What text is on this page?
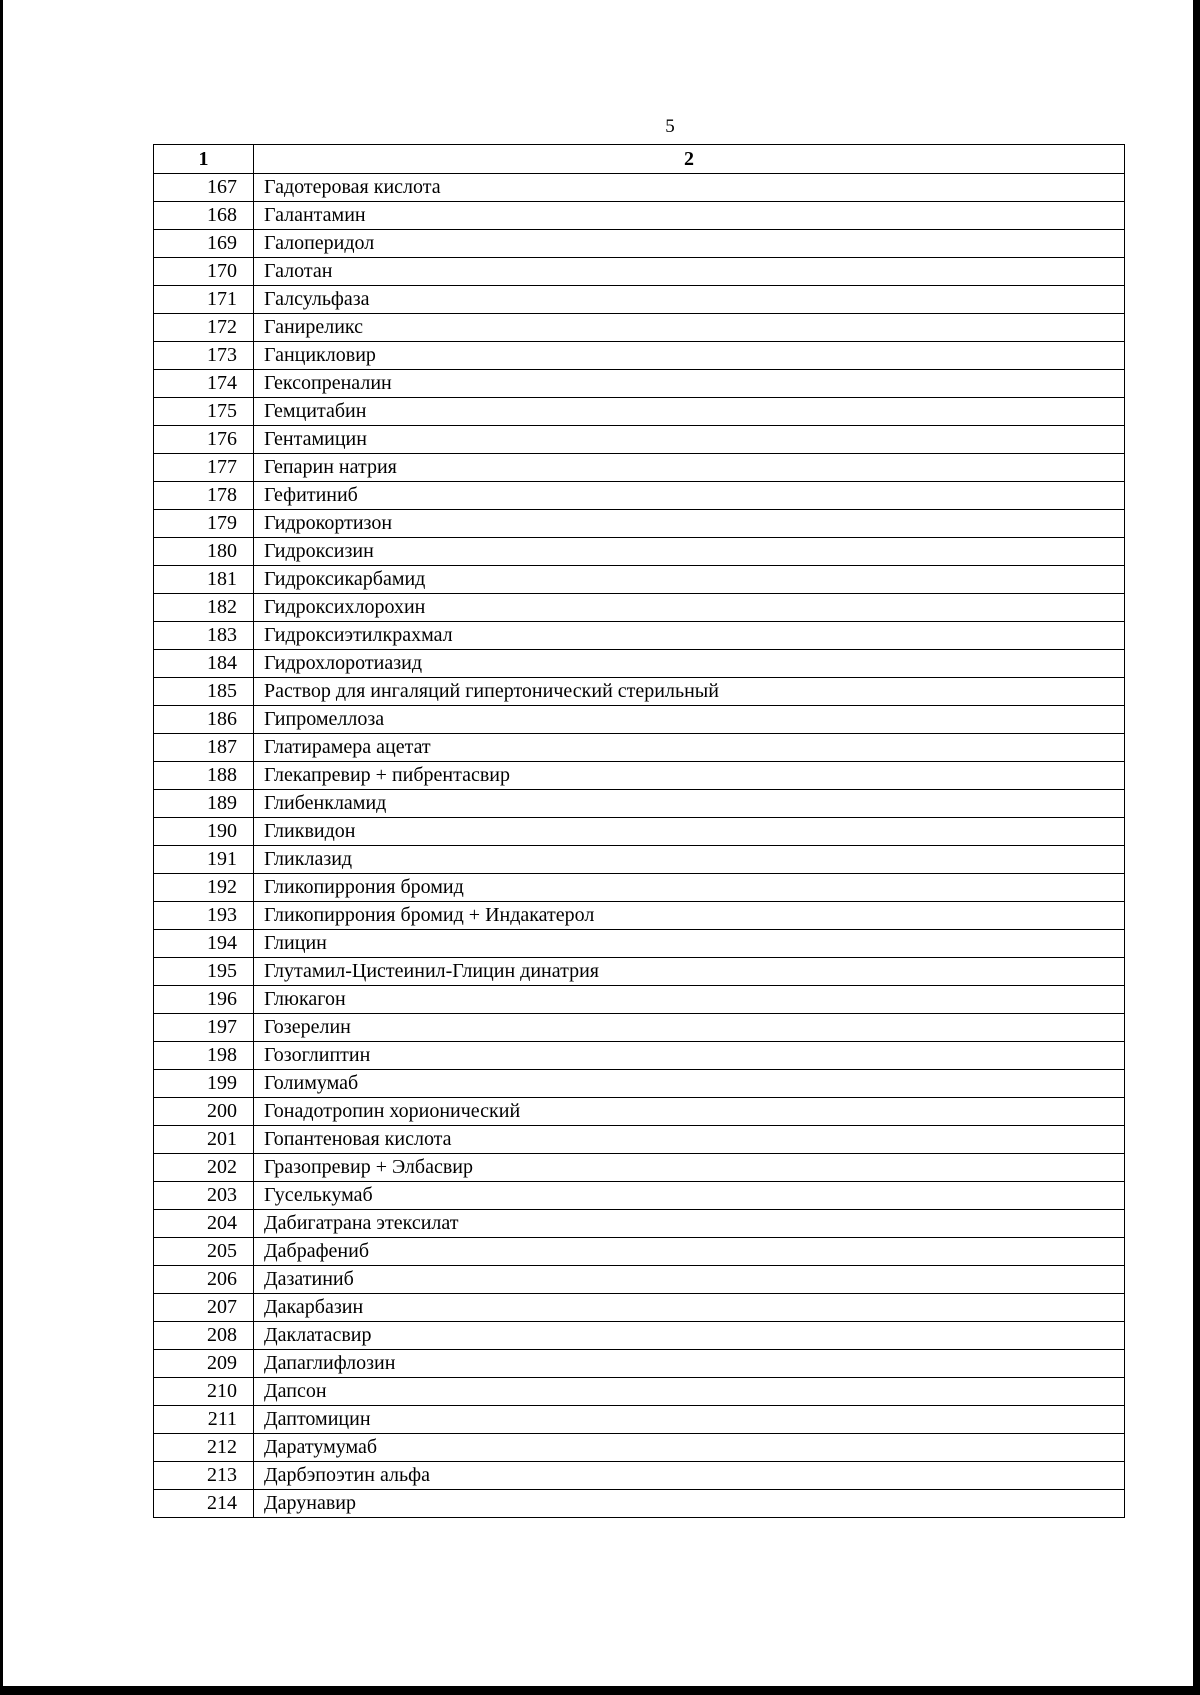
5
1	2
167	Гадотеровая кислота
168	Галантамин
169	Галоперидол
170	Галотан
171	Галсульфаза
172	Ганиреликс
173	Ганцикловир
174	Гексопреналин
175	Гемцитабин
176	Гентамицин
177	Гепарин натрия
178	Гефитиниб
179	Гидрокортизон
180	Гидроксизин
181	Гидроксикарбамид
182	Гидроксихлорохин
183	Гидроксиэтилкрахмал
184	Гидрохлоротиазид
185	Раствор для ингаляций гипертонический стерильный
186	Гипромеллоза
187	Глатирамера ацетат
188	Глекапревир + пибрентасвир
189	Глибенкламид
190	Гликвидон
191	Гликлазид
192	Гликопиррония бромид
193	Гликопиррония бромид + Индакатерол
194	Глицин
195	Глутамил-Цистеинил-Глицин динатрия
196	Глюкагон
197	Гозерелин
198	Гозоглиптин
199	Голимумаб
200	Гонадотропин хорионический
201	Гопантеновая кислота
202	Гразопревир + Элбасвир
203	Гуселькумаб
204	Дабигатрана этексилат
205	Дабрафениб
206	Дазатиниб
207	Дакарбазин
208	Даклатасвир
209	Дапаглифлозин
210	Дапсон
211	Даптомицин
212	Даратумумаб
213	Дарбэпоэтин альфа
214	Дарунавир
